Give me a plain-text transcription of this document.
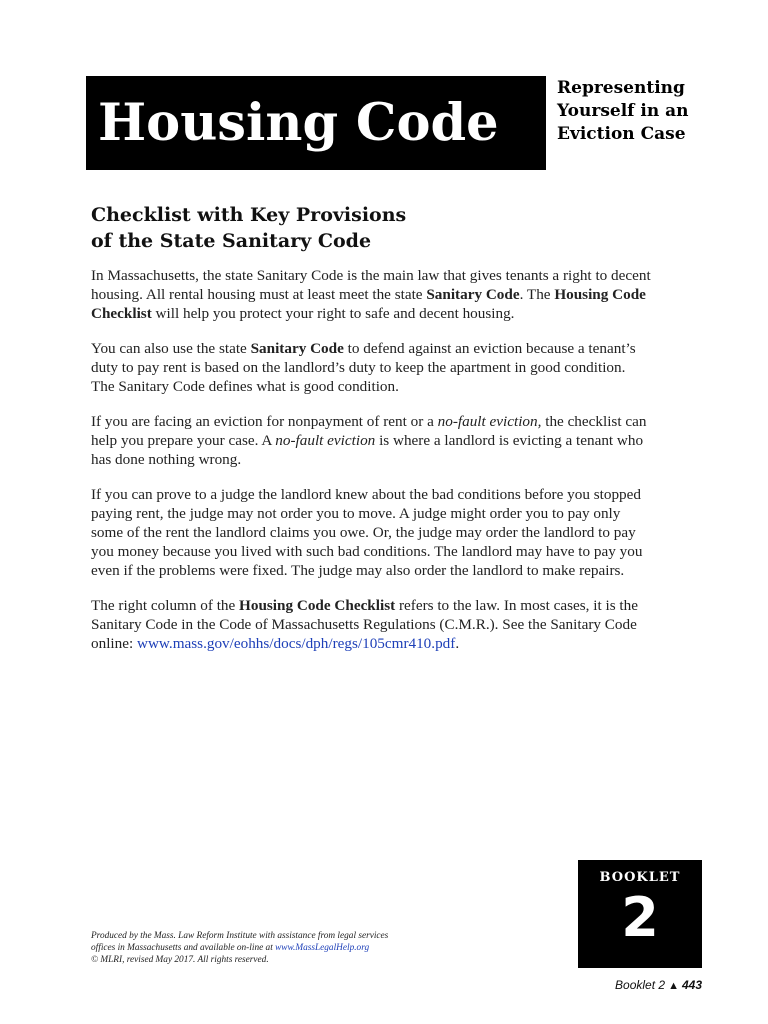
Housing Code
Representing
Yourself in an
Eviction Case
Checklist with Key Provisions
of the State Sanitary Code

In Massachusetts, the state Sanitary Code is the main law that gives tenants a right to decent housing. All rental housing must at least meet the state Sanitary Code. The Housing Code Checklist will help you protect your right to safe and decent housing.

You can also use the state Sanitary Code to defend against an eviction because a tenant’s duty to pay rent is based on the landlord’s duty to keep the apartment in good condition. The Sanitary Code defines what is good condition.

If you are facing an eviction for nonpayment of rent or a no-fault eviction, the checklist can help you prepare your case. A no-fault eviction is where a landlord is evicting a tenant who has done nothing wrong.

If you can prove to a judge the landlord knew about the bad conditions before you stopped paying rent, the judge may not order you to move. A judge might order you to pay only some of the rent the landlord claims you owe. Or, the judge may order the landlord to pay you money because you lived with such bad conditions. The landlord may have to pay you even if the problems were fixed. The judge may also order the landlord to make repairs.

The right column of the Housing Code Checklist refers to the law. In most cases, it is the Sanitary Code in the Code of Massachusetts Regulations (C.M.R.). See the Sanitary Code online: www.mass.gov/eohhs/docs/dph/regs/105cmr410.pdf.

BOOKLET
2
Produced by the Mass. Law Reform Institute with assistance from legal services
offices in Massachusetts and available on-line at www.MassLegalHelp.org
© MLRI, revised May 2017. All rights reserved.
Booklet 2 ▲ 443
